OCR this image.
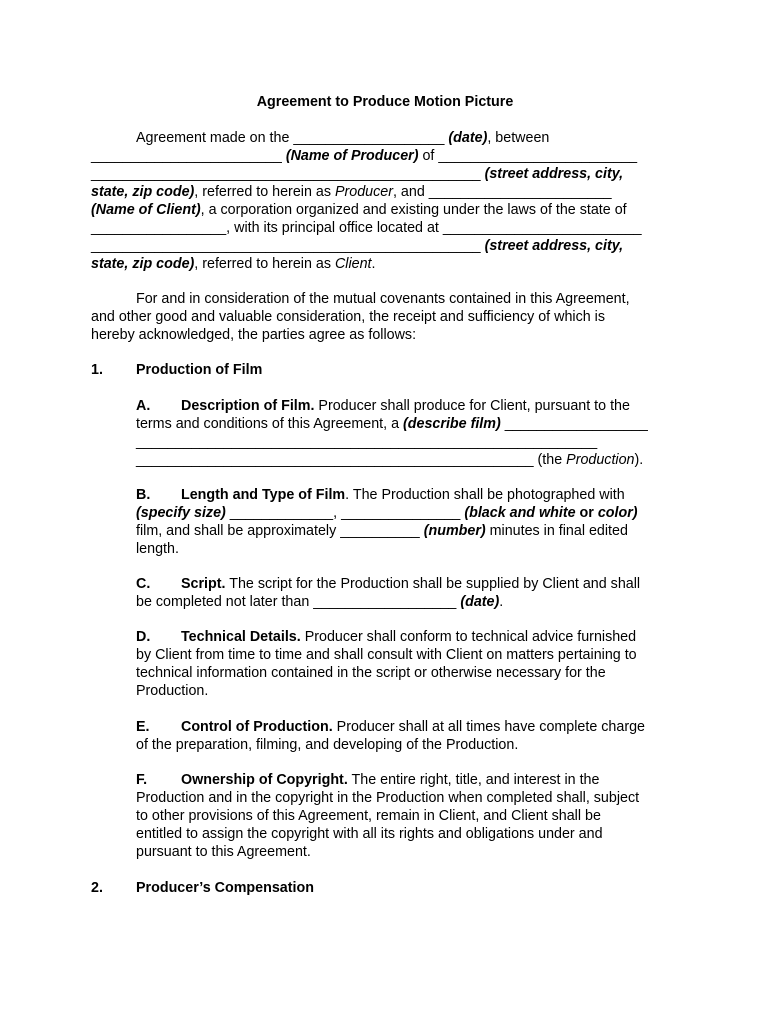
Agreement to Produce Motion Picture
Agreement made on the ___________________ (date), between
________________________ (Name of Producer) of _________________________
_________________________________________________ (street address, city,
state, zip code), referred to herein as Producer, and _______________________
(Name of Client), a corporation organized and existing under the laws of the state of
_________________, with its principal office located at _________________________
_________________________________________________ (street address, city,
state, zip code), referred to herein as Client.
For and in consideration of the mutual covenants contained in this Agreement,
and other good and valuable consideration, the receipt and sufficiency of which is
hereby acknowledged, the parties agree as follows:
1. Production of Film
A. Description of Film. Producer shall produce for Client, pursuant to the
terms and conditions of this Agreement, a (describe film) __________________
__________________________________________________________
__________________________________________________ (the Production).
B. Length and Type of Film. The Production shall be photographed with
(specify size) _____________, _______________ (black and white or color)
film, and shall be approximately __________ (number) minutes in final edited
length.
C. Script. The script for the Production shall be supplied by Client and shall
be completed not later than __________________ (date).
D. Technical Details. Producer shall conform to technical advice furnished
by Client from time to time and shall consult with Client on matters pertaining to
technical information contained in the script or otherwise necessary for the
Production.
E. Control of Production. Producer shall at all times have complete charge
of the preparation, filming, and developing of the Production.
F. Ownership of Copyright. The entire right, title, and interest in the
Production and in the copyright in the Production when completed shall, subject
to other provisions of this Agreement, remain in Client, and Client shall be
entitled to assign the copyright with all its rights and obligations under and
pursuant to this Agreement.
2. Producer’s Compensation
